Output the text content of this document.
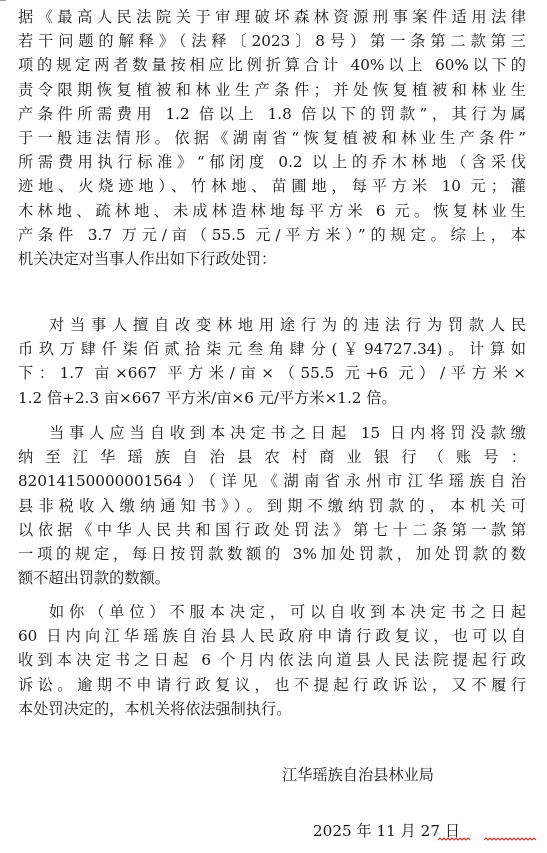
据《最高人民法院关于审理破坏森林资源刑事案件适用法律
若干问题的解释》（法释〔2023〕8号）第一条第二款第三
项的规定两者数量按相应比例折算合计 40%以上 60%以下的
责令限期恢复植被和林业生产条件；并处恢复植被和林业生
产条件所需费用 1.2 倍以上 1.8 倍以下的罚款”，其行为属
于一般违法情形。依据《湖南省“恢复植被和林业生产条件”
所需费用执行标准》“郁闭度 0.2 以上的乔木林地（含采伐
迹地、火烧迹地）、竹林地、苗圃地，每平方米 10 元；灌
木林地、疏林地、未成林造林地每平方米 6 元。恢复林业生
产条件 3.7 万元/亩（55.5 元/平方米）”的规定。综上，本
机关决定对当事人作出如下行政处罚：
对当事人擅自改变林地用途行为的违法行为罚款人民
币玖万肆仟柒佰贰拾柒元叁角肆分(￥94727.34)。计算如
下：1.7 亩×667 平方米/亩×（55.5 元+6 元）/平方米×
1.2 倍+2.3 亩×667 平方米/亩×6 元/平方米×1.2 倍。
当事人应当自收到本决定书之日起 15 日内将罚没款缴
纳 至 江 华 瑶 族 自 治 县 农 村 商 业 银 行 （ 账 号 ：
82014150000001564）（详见《湖南省永州市江华瑶族自治
县非税收入缴纳通知书》）。到期不缴纳罚款的，本机关可
以依据《中华人民共和国行政处罚法》第七十二条第一款第
一项的规定，每日按罚款数额的 3%加处罚款，加处罚款的数
额不超出罚款的数额。
如你（单位）不服本决定，可以自收到本决定书之日起
60 日内向江华瑶族自治县人民政府申请行政复议，也可以自
收到本决定书之日起 6 个月内依法向道县人民法院提起行政
诉讼。逾期不申请行政复议，也不提起行政诉讼，又不履行
本处罚决定的，本机关将依法强制执行。
江华瑶族自治县林业局
2025 年 11 月 27 日
